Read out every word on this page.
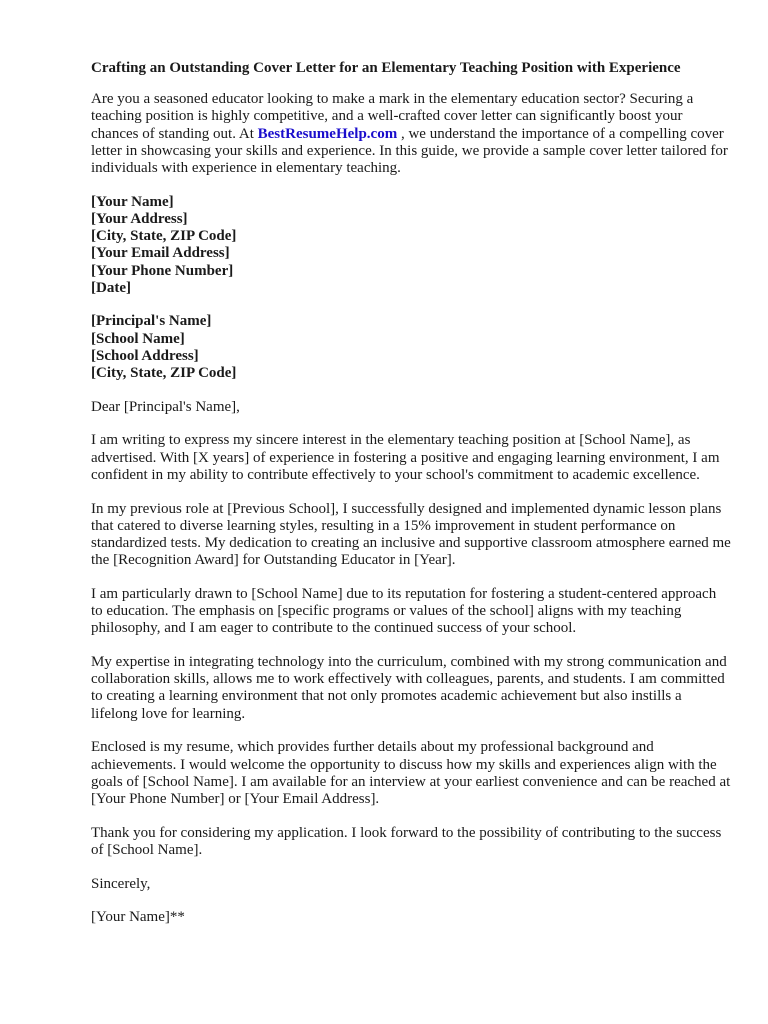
Crafting an Outstanding Cover Letter for an Elementary Teaching Position with Experience

Are you a seasoned educator looking to make a mark in the elementary education sector? Securing a teaching position is highly competitive, and a well-crafted cover letter can significantly boost your chances of standing out. At BestResumeHelp.com , we understand the importance of a compelling cover letter in showcasing your skills and experience. In this guide, we provide a sample cover letter tailored for individuals with experience in elementary teaching.

[Your Name]
[Your Address]
[City, State, ZIP Code]
[Your Email Address]
[Your Phone Number]
[Date]
[Principal's Name]
[School Name]
[School Address]
[City, State, ZIP Code]

Dear [Principal's Name],

I am writing to express my sincere interest in the elementary teaching position at [School Name], as advertised. With [X years] of experience in fostering a positive and engaging learning environment, I am confident in my ability to contribute effectively to your school's commitment to academic excellence.

In my previous role at [Previous School], I successfully designed and implemented dynamic lesson plans that catered to diverse learning styles, resulting in a 15% improvement in student performance on standardized tests. My dedication to creating an inclusive and supportive classroom atmosphere earned me the [Recognition Award] for Outstanding Educator in [Year].

I am particularly drawn to [School Name] due to its reputation for fostering a student-centered approach to education. The emphasis on [specific programs or values of the school] aligns with my teaching philosophy, and I am eager to contribute to the continued success of your school.

My expertise in integrating technology into the curriculum, combined with my strong communication and collaboration skills, allows me to work effectively with colleagues, parents, and students. I am committed to creating a learning environment that not only promotes academic achievement but also instills a lifelong love for learning.

Enclosed is my resume, which provides further details about my professional background and achievements. I would welcome the opportunity to discuss how my skills and experiences align with the goals of [School Name]. I am available for an interview at your earliest convenience and can be reached at [Your Phone Number] or [Your Email Address].

Thank you for considering my application. I look forward to the possibility of contributing to the success of [School Name].

Sincerely,

[Your Name]**
